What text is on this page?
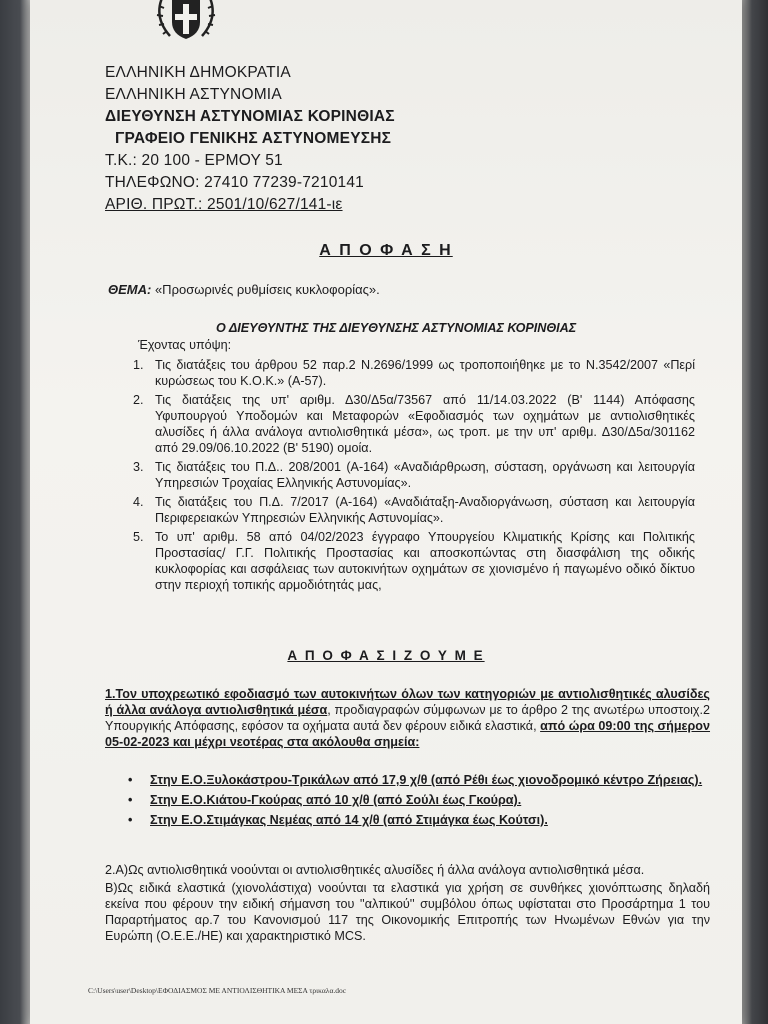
ΕΛΛΗΝΙΚΗ ΔΗΜΟΚΡΑΤΙΑ
ΕΛΛΗΝΙΚΗ ΑΣΤΥΝΟΜΙΑ
ΔΙΕΥΘΥΝΣΗ ΑΣΤΥΝΟΜΙΑΣ ΚΟΡΙΝΘΙΑΣ
ΓΡΑΦΕΙΟ ΓΕΝΙΚΗΣ ΑΣΤΥΝΟΜΕΥΣΗΣ
Τ.Κ.: 20 100 - ΕΡΜΟΥ 51
ΤΗΛΕΦΩΝΟ: 27410 77239-7210141
ΑΡΙΘ. ΠΡΩΤ.: 2501/10/627/141-ιε
Α Π Ο Φ Α Σ Η
ΘΕΜΑ: «Προσωρινές ρυθμίσεις κυκλοφορίας».
Ο ΔΙΕΥΘΥΝΤΗΣ ΤΗΣ ΔΙΕΥΘΥΝΣΗΣ ΑΣΤΥΝΟΜΙΑΣ ΚΟΡΙΝΘΙΑΣ
Έχοντας υπόψη:
1. Τις διατάξεις του άρθρου 52 παρ.2 Ν.2696/1999 ως τροποποιήθηκε με το Ν.3542/2007 «Περί κυρώσεως του Κ.Ο.Κ.» (Α-57).
2. Τις διατάξεις της υπ' αριθμ. Δ30/Δ5α/73567 από 11/14.03.2022 (Β' 1144) Απόφασης Υφυπουργού Υποδομών και Μεταφορών «Εφοδιασμός των οχημάτων με αντιολισθητικές αλυσίδες ή άλλα ανάλογα αντιολισθητικά μέσα», ως τροπ. με την υπ' αριθμ. Δ30/Δ5α/301162 από 29.09/06.10.2022 (Β' 5190) ομοία.
3. Τις διατάξεις του Π.Δ.. 208/2001 (Α-164) «Αναδιάρθρωση, σύσταση, οργάνωση και λειτουργία Υπηρεσιών Τροχαίας Ελληνικής Αστυνομίας».
4. Τις διατάξεις του Π.Δ. 7/2017 (Α-164) «Αναδιάταξη-Αναδιοργάνωση, σύσταση και λειτουργία Περιφερειακών Υπηρεσιών Ελληνικής Αστυνομίας».
5. Το υπ' αριθμ. 58 από 04/02/2023 έγγραφο Υπουργείου Κλιματικής Κρίσης και Πολιτικής Προστασίας/ Γ.Γ. Πολιτικής Προστασίας και αποσκοπώντας στη διασφάλιση της οδικής κυκλοφορίας και ασφάλειας των αυτοκινήτων οχημάτων σε χιονισμένο ή παγωμένο οδικό δίκτυο στην περιοχή τοπικής αρμοδιότητάς μας,
Α Π Ο Φ Α Σ Ι Ζ Ο Υ Μ Ε
1.Τον υποχρεωτικό εφοδιασμό των αυτοκινήτων όλων των κατηγοριών με αντιολισθητικές αλυσίδες ή άλλα ανάλογα αντιολισθητικά μέσα, προδιαγραφών σύμφωνων με το άρθρο 2 της ανωτέρω υποστοιχ.2 Υπουργικής Απόφασης, εφόσον τα οχήματα αυτά δεν φέρουν ειδικά ελαστικά, από ώρα 09:00 της σήμερον 05-02-2023 και μέχρι νεοτέρας στα ακόλουθα σημεία:
• Στην Ε.Ο.Ξυλοκάστρου-Τρικάλων από 17,9 χ/θ (από Ρέθι έως χιονοδρομικό κέντρο Ζήρειας).
• Στην Ε.Ο.Κιάτου-Γκούρας από 10 χ/θ (από Σούλι έως Γκούρα).
• Στην Ε.Ο.Στιμάγκας Νεμέας από 14 χ/θ (από Στιμάγκα έως Κούτσι).
2.Α)Ως αντιολισθητικά νοούνται οι αντιολισθητικές αλυσίδες ή άλλα ανάλογα αντιολισθητικά μέσα.
Β)Ως ειδικά ελαστικά (χιονολάστιχα) νοούνται τα ελαστικά για χρήση σε συνθήκες χιονόπτωσης δηλαδή εκείνα που φέρουν την ειδική σήμανση του ''αλπικού'' συμβόλου όπως υφίσταται στο Προσάρτημα 1 του Παραρτήματος αρ.7 του Κανονισμού 117 της Οικονομικής Επιτροπής των Ηνωμένων Εθνών για την Ευρώπη (Ο.Ε.Ε./ΗΕ) και χαρακτηριστικό MCS.
C:\Users\user\Desktop\ΕΦΟΔΙΑΣΜΟΣ ΜΕ ΑΝΤΙΟΛΙΣΘΗΤΙΚΑ ΜΕΣΑ τρικαλα.doc
